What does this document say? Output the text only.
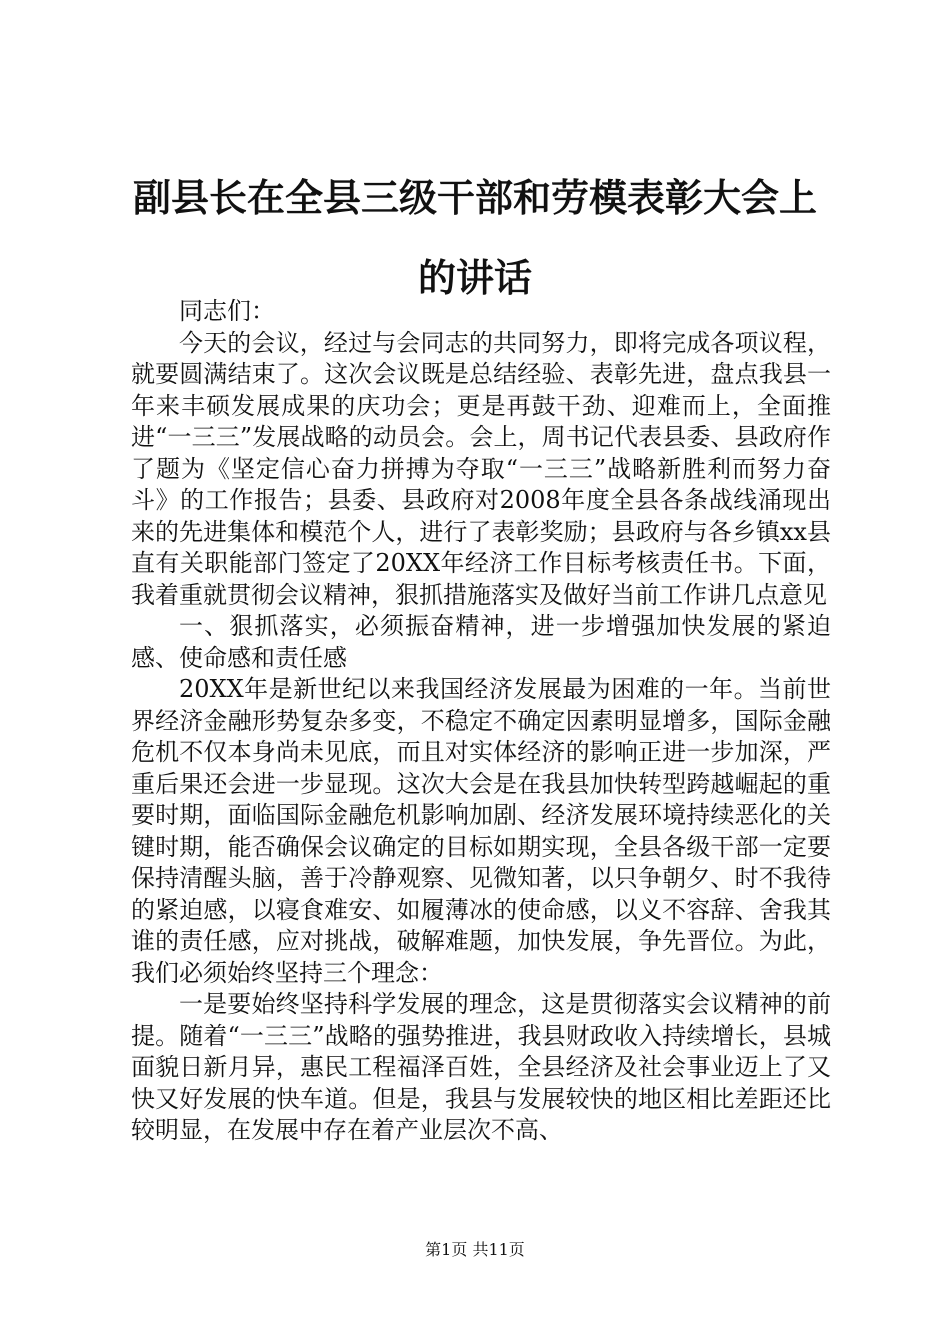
副县长在全县三级干部和劳模表彰大会上的讲话

同志们：

今天的会议，经过与会同志的共同努力，即将完成各项议程，就要圆满结束了。这次会议既是总结经验、表彰先进，盘点我县一年来丰硕发展成果的庆功会；更是再鼓干劲、迎难而上，全面推进“一三三”发展战略的动员会。会上，周书记代表县委、县政府作了题为《坚定信心奋力拼搏为夺取“一三三”战略新胜利而努力奋斗》的工作报告；县委、县政府对2008年度全县各条战线涌现出来的先进集体和模范个人，进行了表彰奖励；县政府与各乡镇xx县直有关职能部门签定了20XX年经济工作目标考核责任书。下面，我着重就贯彻会议精神，狠抓措施落实及做好当前工作讲几点意见

一、狠抓落实，必须振奋精神，进一步增强加快发展的紧迫感、使命感和责任感

20XX年是新世纪以来我国经济发展最为困难的一年。当前世界经济金融形势复杂多变，不稳定不确定因素明显增多，国际金融危机不仅本身尚未见底，而且对实体经济的影响正进一步加深，严重后果还会进一步显现。这次大会是在我县加快转型跨越崛起的重要时期，面临国际金融危机影响加剧、经济发展环境持续恶化的关键时期，能否确保会议确定的目标如期实现，全县各级干部一定要保持清醒头脑，善于冷静观察、见微知著，以只争朝夕、时不我待的紧迫感，以寝食难安、如履薄冰的使命感，以义不容辞、舍我其谁的责任感，应对挑战，破解难题，加快发展，争先晋位。为此，我们必须始终坚持三个理念：

一是要始终坚持科学发展的理念，这是贯彻落实会议精神的前提。随着“一三三”战略的强势推进，我县财政收入持续增长，县城面貌日新月异，惠民工程福泽百姓，全县经济及社会事业迈上了又快又好发展的快车道。但是，我县与发展较快的地区相比差距还比较明显，在发展中存在着产业层次不高、

第1页 共11页
